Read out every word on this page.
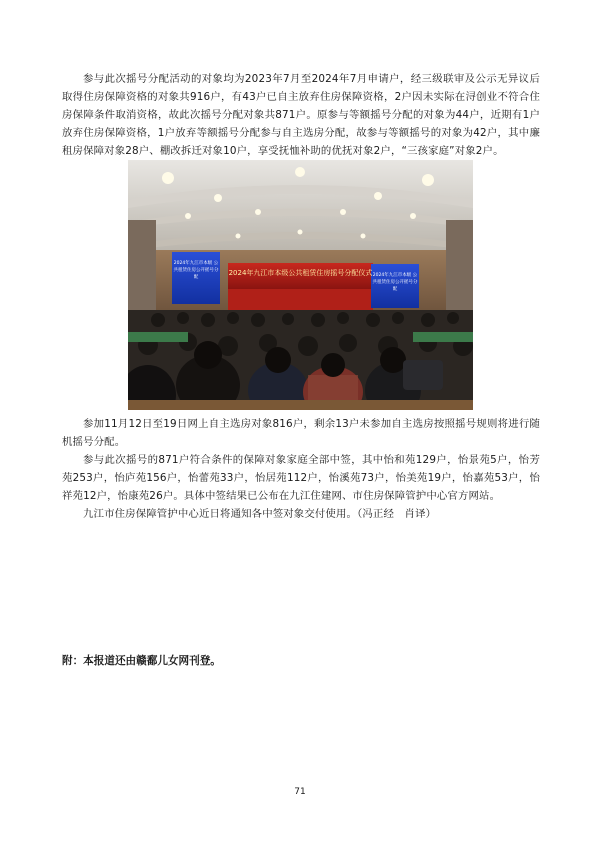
参与此次摇号分配活动的对象均为2023年7月至2024年7月申请户，经三级联审及公示无异议后取得住房保障资格的对象共916户，有43户已自主放弃住房保障资格，2户因未实际在浔创业不符合住房保障条件取消资格，故此次摇号分配对象共871户。原参与等额摇号分配的对象为44户，近期有1户放弃住房保障资格，1户放弃等额摇号分配参与自主选房分配，故参与等额摇号的对象为42户，其中廉租房保障对象28户、棚改拆迁对象10户，享受抚恤补助的优抚对象2户，“三孩家庭”对象2户。

2024年九江市本级公共租赁住房摇号分配仪式
2024年九江市本级 公共租赁住房公开摇号分配	2024年九江市本级 公共租赁住房公开摇号分配

参加11月12日至19日网上自主选房对象816户，剩余13户未参加自主选房按照摇号规则将进行随机摇号分配。

参与此次摇号的871户符合条件的保障对象家庭全部中签，其中怡和苑129户，怡景苑5户，怡芳苑253户，怡庐苑156户，怡蕾苑33户，怡居苑112户，怡溪苑73户，怡美苑19户，怡嘉苑53户，怡祥苑12户，怡康苑26户。具体中签结果已公布在九江住建网、市住房保障管护中心官方网站。

九江市住房保障管护中心近日将通知各中签对象交付使用。（冯正经　肖译）

附：本报道还由赣鄱儿女网刊登。

71
